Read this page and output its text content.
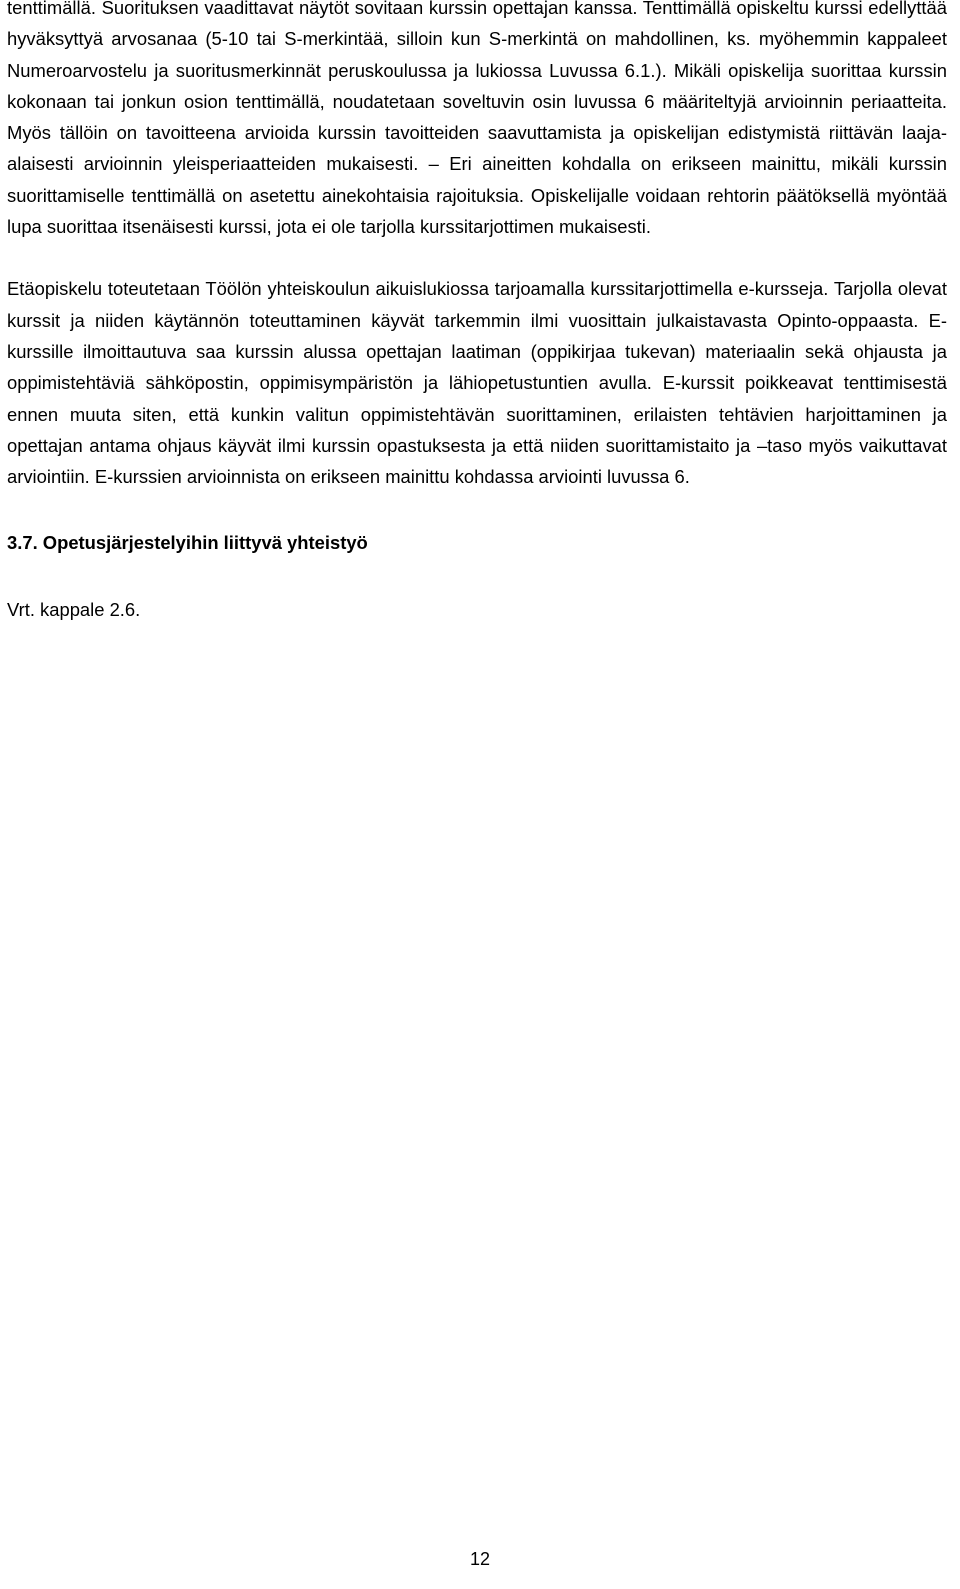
tenttimällä. Suorituksen vaadittavat näytöt sovitaan kurssin opettajan kanssa. Tenttimällä opiskeltu kurssi edellyttää hyväksyttyä arvosanaa (5-10 tai S-merkintää, silloin kun S-merkintä on mahdollinen, ks. myöhemmin kappaleet Numeroarvostelu ja suoritusmerkinnät peruskoulussa ja lukiossa Luvussa 6.1.). Mikäli opiskelija suorittaa kurssin kokonaan tai jonkun osion tenttimällä, noudatetaan soveltuvin osin luvussa 6 määriteltyjä arvioinnin periaatteita. Myös tällöin on tavoitteena arvioida kurssin tavoitteiden saavuttamista ja opiskelijan edistymistä riittävän laaja-alaisesti arvioinnin yleisperiaatteiden mukaisesti. – Eri aineitten kohdalla on erikseen mainittu, mikäli kurssin suorittamiselle tenttimällä on asetettu ainekohtaisia rajoituksia. Opiskelijalle voidaan rehtorin päätöksellä myöntää lupa suorittaa itsenäisesti kurssi, jota ei ole tarjolla kurssitarjottimen mukaisesti.

Etäopiskelu toteutetaan Töölön yhteiskoulun aikuislukiossa tarjoamalla kurssitarjottimella e-kursseja. Tarjolla olevat kurssit ja niiden käytännön toteuttaminen käyvät tarkemmin ilmi vuosittain julkaistavasta Opinto-oppaasta. E-kurssille ilmoittautuva saa kurssin alussa opettajan laatiman (oppikirjaa tukevan) materiaalin sekä ohjausta ja oppimistehtäviä sähköpostin, oppimisympäristön ja lähiopetustuntien avulla. E-kurssit poikkeavat tenttimisestä ennen muuta siten, että kunkin valitun oppimistehtävän suorittaminen, erilaisten tehtävien harjoittaminen ja opettajan antama ohjaus käyvät ilmi kurssin opastuksesta ja että niiden suorittamistaito ja –taso myös vaikuttavat arviointiin. E-kurssien arvioinnista on erikseen mainittu kohdassa arviointi luvussa 6.

3.7. Opetusjärjestelyihin liittyvä yhteistyö

Vrt. kappale 2.6.

12
